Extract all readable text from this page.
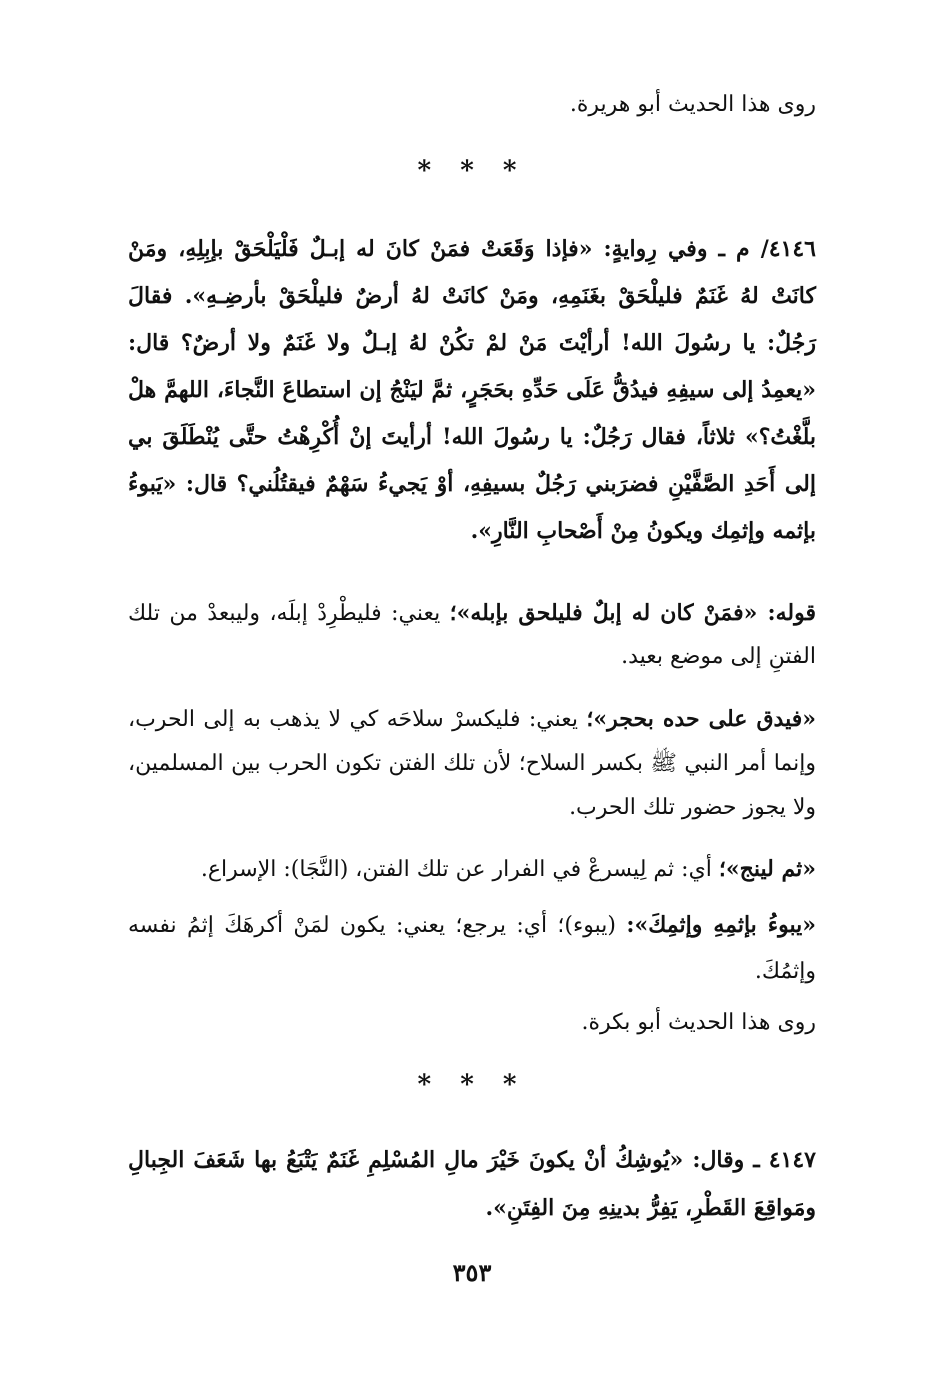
روى هذا الحديث أبو هريرة.
* * *
٤١٤٦/ م ـ وفي رِوايةٍ: «فإذا وَقَعَتْ فمَنْ كانَ له إبـلٌ فَلْيَلْحَقْ بإبِلِهِ، ومَنْ كانَتْ لهُ غَنَمٌ فليلْحَقْ بغَنَمِهِ، ومَنْ كانَتْ لهُ أرضٌ فليلْحَقْ بأرضِـهِ». فقالَ رَجُلٌ: يا رسُولَ الله! أرأيْتَ مَنْ لمْ تكُنْ لهُ إبـلٌ ولا غَنَمٌ ولا أرضٌ؟ قال: «يعمِدُ إلى سيفِهِ فيدُقُّ عَلَى حَدِّهِ بحَجَرٍ، ثمَّ ليَنْجُ إن استطاعَ النَّجاءَ، اللهمَّ هلْ بلَّغْتُ؟» ثلاثاً، فقال رَجُلٌ: يا رسُولَ الله! أرأيتَ إنْ أُكْرِهْتُ حتَّى يُنْطَلَقَ بي إلى أَحَدِ الصَّفَّيْنِ فضرَبني رَجُلٌ بسيفِهِ، أوْ يَجيءُ سَهْمٌ فيقتُلُني؟ قال: «يَبوءُ بإثمه وإثمِك ويكونُ مِنْ أَصْحابِ النَّارِ».
قوله: «فمَنْ كان له إبلٌ فليلحق بإبله»؛ يعني: فليطْرِدْ إبلَه، وليبعدْ من تلك الفتنِ إلى موضع بعيد.
«فيدق على حده بحجر»؛ يعني: فليكسرْ سلاحَه كي لا يذهب به إلى الحرب، وإنما أمر النبي ﷺ بكسر السلاح؛ لأن تلك الفتن تكون الحرب بين المسلمين، ولا يجوز حضور تلك الحرب.
«ثم لينج»؛ أي: ثم لِيسرعْ في الفرار عن تلك الفتن، (النَّجَا): الإسراع.
«يبوءُ بإثمِهِ وإثمِكَ»: (يبوء)؛ أي: يرجع؛ يعني: يكون لمَنْ أكرهَكَ إثمُ نفسه وإثمُكَ.
روى هذا الحديث أبو بكرة.
* * *
٤١٤٧ ـ وقال: «يُوشِكُ أنْ يكونَ خَيْرَ مالِ المُسْلِمِ غَنَمٌ يَتْبَعُ بها شَعَفَ الجِبالِ ومَواقِعَ القَطْرِ، يَفِرُّ بدينِهِ مِنَ الفِتَنِ».
٣٥٣
